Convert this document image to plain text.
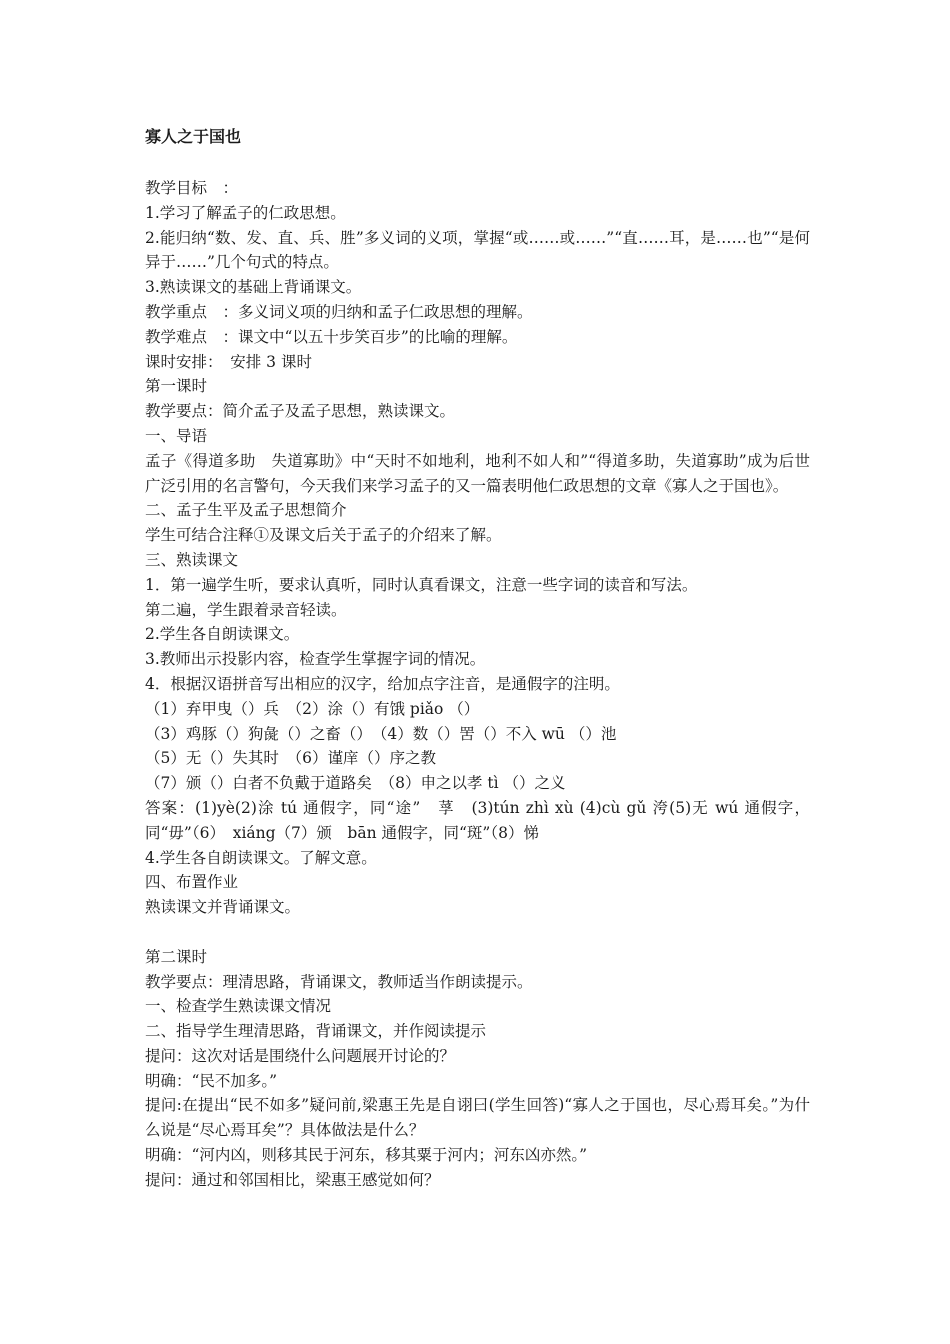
寡人之于国也
教学目标　：
1.学习了解孟子的仁政思想。
2.能归纳“数、发、直、兵、胜”多义词的义项，掌握“或……或……”“直……耳，是……也”“是何异于……”几个句式的特点。
3.熟读课文的基础上背诵课文。
教学重点　：多义词义项的归纳和孟子仁政思想的理解。
教学难点　：课文中“以五十步笑百步”的比喻的理解。
课时安排：　安排 3 课时
第一课时
教学要点：简介孟子及孟子思想，熟读课文。
一、导语
孟子《得道多助　失道寡助》中“天时不如地利，地利不如人和”“得道多助，失道寡助”成为后世广泛引用的名言警句，今天我们来学习孟子的又一篇表明他仁政思想的文章《寡人之于国也》。
二、孟子生平及孟子思想简介
学生可结合注释①及课文后关于孟子的介绍来了解。
三、熟读课文
1．第一遍学生听，要求认真听，同时认真看课文，注意一些字词的读音和写法。
第二遍，学生跟着录音轻读。
2.学生各自朗读课文。
3.教师出示投影内容，检查学生掌握字词的情况。
4．根据汉语拼音写出相应的汉字，给加点字注音，是通假字的注明。
（1）弃甲曳（）兵　（2）涂（）有饿 piǎo （）
（3）鸡豚（）狗彘（）之畜（）　（4）数（）罟（）不入 wū （）池
（5）无（）失其时　（6）谨庠（）序之教
（7）颁（）白者不负戴于道路矣　（8）申之以孝 tì （）之义
答案：(1)yè(2)涂 tú 通假字，同“途”　莩　(3)tún zhì xù (4)cù gǔ 洿(5)无 wú 通假字，同“毋”（6）　xiáng（7）颁　bān 通假字，同“斑”（8）悌
4.学生各自朗读课文。了解文意。
四、布置作业
熟读课文并背诵课文。
第二课时
教学要点：理清思路，背诵课文，教师适当作朗读提示。
一、检查学生熟读课文情况
二、指导学生理清思路，背诵课文，并作阅读提示
提问：这次对话是围绕什么问题展开讨论的？
明确：“民不加多。”
提问:在提出“民不如多”疑问前,梁惠王先是自诩曰(学生回答)“寡人之于国也，尽心焉耳矣。”为什么说是“尽心焉耳矣”？具体做法是什么？
明确：“河内凶，则移其民于河东，移其粟于河内；河东凶亦然。”
提问：通过和邻国相比，梁惠王感觉如何？
